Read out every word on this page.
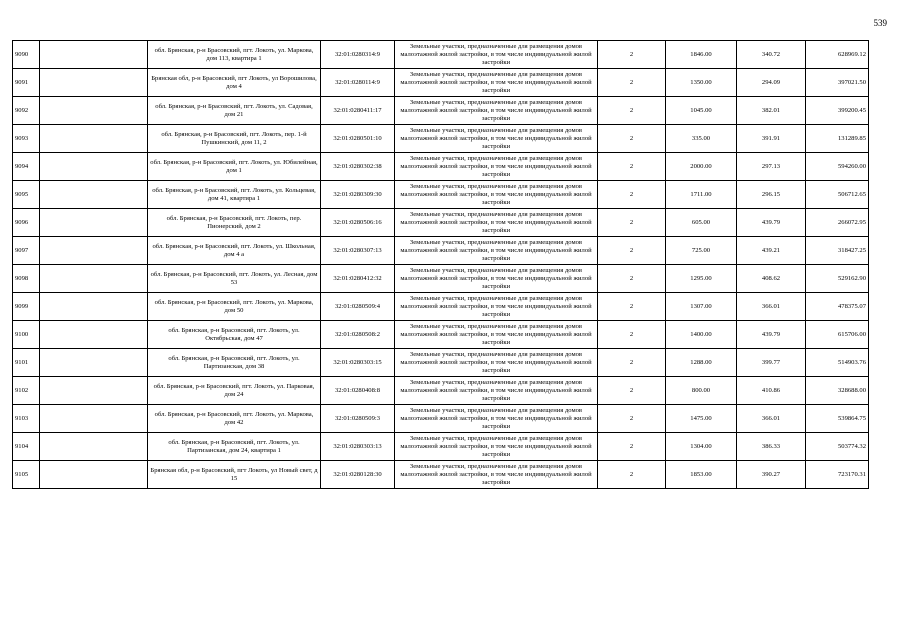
539
9090		обл. Брянская, р-н Брасовский, пгт. Локоть, ул. Маркова, дом 113, квартира 1	32:01:0280314:9	Земельные участки, предназначенные для размещения домов малоэтажной жилой застройки, в том числе индивидуальной жилой застройки	2	1846.00	340.72	628969.12
9091		Брянская обл, р-н Брасовский, пгт Локоть, ул Ворошилова, дом 4	32:01:0280114:9	Земельные участки, предназначенные для размещения домов малоэтажной жилой застройки, в том числе индивидуальной жилой застройки	2	1350.00	294.09	397021.50
9092		обл. Брянская, р-н Брасовский, пгт. Локоть, ул. Садовая, дом 21	32:01:0280411:17	Земельные участки, предназначенные для размещения домов малоэтажной жилой застройки, в том числе индивидуальной жилой застройки	2	1045.00	382.01	399200.45
9093		обл. Брянская, р-н Брасовский, пгт. Локоть, пер. 1-й Пушкинский, дом 11, 2	32:01:0280501:10	Земельные участки, предназначенные для размещения домов малоэтажной жилой застройки, в том числе индивидуальной жилой застройки	2	335.00	391.91	131289.85
9094		обл. Брянская, р-н Брасовский, пгт. Локоть, ул. Юбилейная, дом 1	32:01:0280302:38	Земельные участки, предназначенные для размещения домов малоэтажной жилой застройки, в том числе индивидуальной жилой застройки	2	2000.00	297.13	594260.00
9095		обл. Брянская, р-н Брасовский, пгт. Локоть, ул. Кольцевая, дом 41, квартира 1	32:01:0280309:30	Земельные участки, предназначенные для размещения домов малоэтажной жилой застройки, в том числе индивидуальной жилой застройки	2	1711.00	296.15	506712.65
9096		обл. Брянская, р-н Брасовский, пгт. Локоть, пер. Пионерский, дом 2	32:01:0280506:16	Земельные участки, предназначенные для размещения домов малоэтажной жилой застройки, в том числе индивидуальной жилой застройки	2	605.00	439.79	266072.95
9097		обл. Брянская, р-н Брасовский, пгт. Локоть, ул. Школьная, дом 4 а	32:01:0280307:13	Земельные участки, предназначенные для размещения домов малоэтажной жилой застройки, в том числе индивидуальной жилой застройки	2	725.00	439.21	318427.25
9098		обл. Брянская, р-н Брасовский, пгт. Локоть, ул. Лесная, дом 53	32:01:0280412:32	Земельные участки, предназначенные для размещения домов малоэтажной жилой застройки, в том числе индивидуальной жилой застройки	2	1295.00	408.62	529162.90
9099		обл. Брянская, р-н Брасовский, пгт. Локоть, ул. Маркова, дом 50	32:01:0280509:4	Земельные участки, предназначенные для размещения домов малоэтажной жилой застройки, в том числе индивидуальной жилой застройки	2	1307.00	366.01	478375.07
9100		обл. Брянская, р-н Брасовский, пгт. Локоть, ул. Октябрьская, дом 47	32:01:0280508:2	Земельные участки, предназначенные для размещения домов малоэтажной жилой застройки, в том числе индивидуальной жилой застройки	2	1400.00	439.79	615706.00
9101		обл. Брянская, р-н Брасовский, пгт. Локоть, ул. Партизанская, дом 38	32:01:0280303:15	Земельные участки, предназначенные для размещения домов малоэтажной жилой застройки, в том числе индивидуальной жилой застройки	2	1288.00	399.77	514903.76
9102		обл. Брянская, р-н Брасовский, пгт. Локоть, ул. Парковая, дом 24	32:01:0280408:8	Земельные участки, предназначенные для размещения домов малоэтажной жилой застройки, в том числе индивидуальной жилой застройки	2	800.00	410.86	328688.00
9103		обл. Брянская, р-н Брасовский, пгт. Локоть, ул. Маркова, дом 42	32:01:0280509:3	Земельные участки, предназначенные для размещения домов малоэтажной жилой застройки, в том числе индивидуальной жилой застройки	2	1475.00	366.01	539864.75
9104		обл. Брянская, р-н Брасовский, пгт. Локоть, ул. Партизанская, дом 24, квартира 1	32:01:0280303:13	Земельные участки, предназначенные для размещения домов малоэтажной жилой застройки, в том числе индивидуальной жилой застройки	2	1304.00	386.33	503774.32
9105		Брянская обл, р-н Брасовский, пгт Локоть, ул Новый свет, д 15	32:01:0280128:30	Земельные участки, предназначенные для размещения домов малоэтажной жилой застройки, в том числе индивидуальной жилой застройки	2	1853.00	390.27	723170.31
